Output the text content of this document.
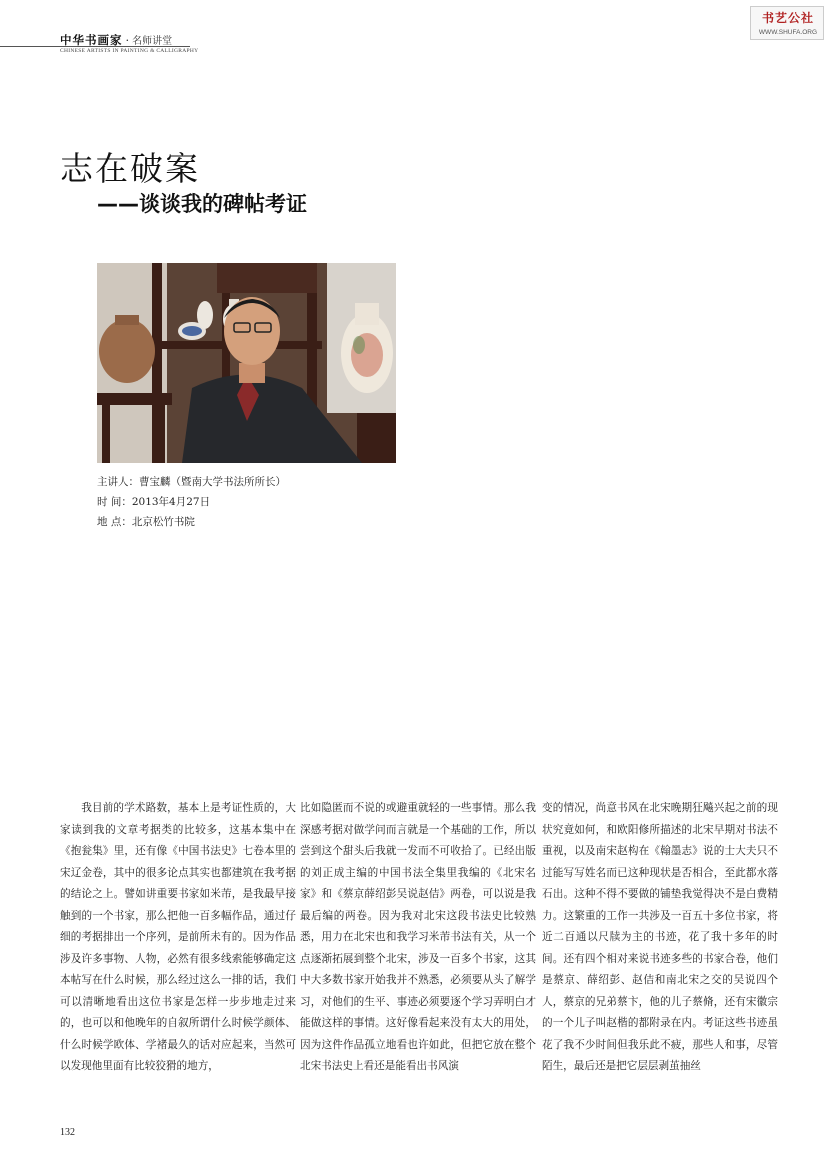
中华书画家 · 名师讲堂
CHINESE ARTISTS IN PAINTING & CALLIGRAPHY
书艺公社
WWW.SHUFA.ORG
志在破案
——谈谈我的碑帖考证
主讲人：曹宝麟（暨南大学书法所所长）
时 间：2013年4月27日
地 点：北京松竹书院

我目前的学术路数，基本上是考证性质的，大家读到我的文章考据类的比较多，这基本集中在《抱瓮集》里，还有像《中国书法史》七卷本里的宋辽金卷，其中的很多论点其实也都建筑在我考据的结论之上。譬如讲重要书家如米芾，是我最早接触到的一个书家，那么把他一百多幅作品，通过仔细的考据排出一个序列，是前所未有的。因为作品涉及许多事物、人物，必然有很多线索能够确定这本帖写在什么时候，那么经过这么一排的话，我们可以清晰地看出这位书家是怎样一步步地走过来的，也可以和他晚年的自叙所谓什么时候学颜体、什么时候学欧体、学褚最久的话对应起来，当然可以发现他里面有比较狡猾的地方，

比如隐匿而不说的或避重就轻的一些事情。那么我深感考据对做学问而言就是一个基础的工作，所以尝到这个甜头后我就一发而不可收拾了。已经出版的刘正成主编的中国书法全集里我编的《北宋名家》和《蔡京薛绍彭吴说赵佶》两卷，可以说是我最后编的两卷。因为我对北宋这段书法史比较熟悉，用力在北宋也和我学习米芾书法有关，从一个点逐渐拓展到整个北宋，涉及一百多个书家，这其中大多数书家开始我并不熟悉，必须要从头了解学习，对他们的生平、事迹必须要逐个学习弄明白才能做这样的事情。这好像看起来没有太大的用处，因为这件作品孤立地看也许如此，但把它放在整个北宋书法史上看还是能看出书风演

变的情况，尚意书风在北宋晚期狂飚兴起之前的现状究竟如何，和欧阳修所描述的北宋早期对书法不重视，以及南宋赵构在《翰墨志》说的士大夫只不过能写写姓名而已这种现状是否相合，至此都水落石出。这种不得不要做的铺垫我觉得决不是白费精力。这繁重的工作一共涉及一百五十多位书家，将近二百通以尺牍为主的书迹，花了我十多年的时间。还有四个相对来说书迹多些的书家合卷，他们是蔡京、薛绍彭、赵佶和南北宋之交的吴说四个人，蔡京的兄弟蔡卞，他的儿子蔡脩，还有宋徽宗的一个儿子叫赵楷的都附录在内。考证这些书迹虽花了我不少时间但我乐此不疲，那些人和事，尽管陌生，最后还是把它层层剥茧抽丝

132
